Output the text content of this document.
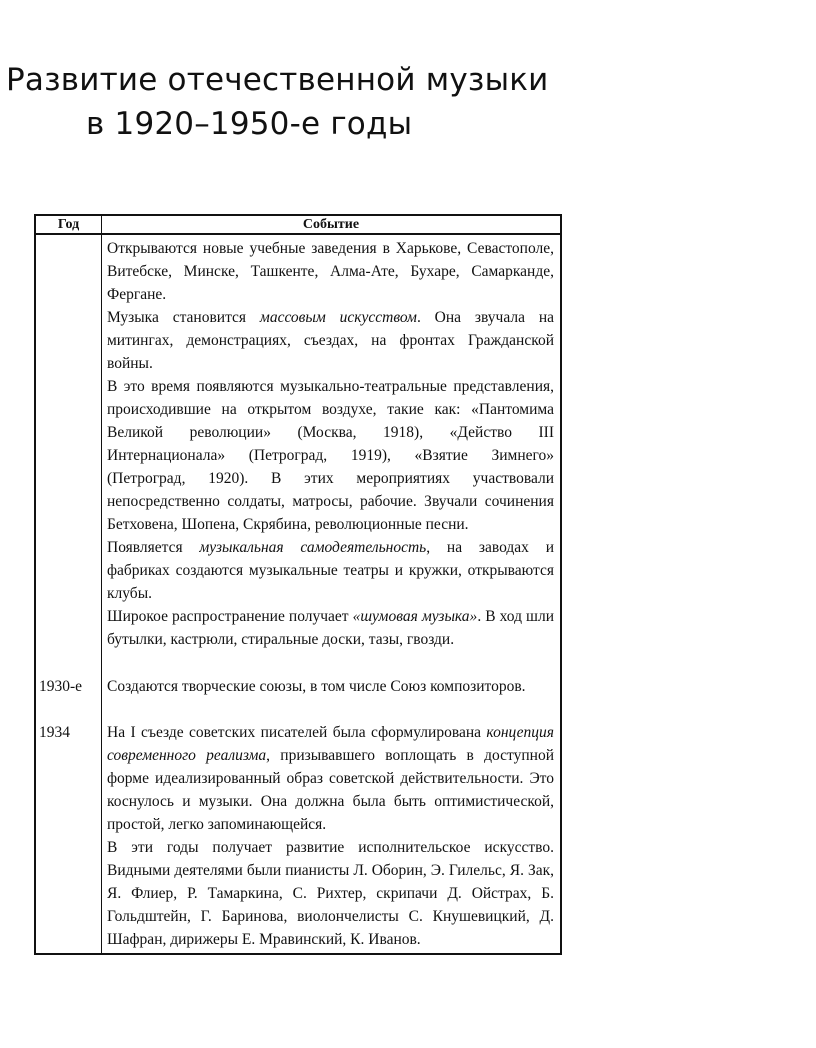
Развитие отечественной музыки
в 1920–1950-е годы
Год	Событие

	Открываются новые учебные заведения в Харькове, Севастополе, Витебске, Минске, Ташкенте, Алма-Ате, Бухаре, Самарканде, Фергане.

Музыка становится массовым искусством. Она звучала на митингах, демонстрациях, съездах, на фронтах Гражданской войны.

В это время появляются музыкально-театральные представления, происходившие на открытом воздухе, такие как: «Пантомима Великой революции» (Москва, 1918), «Действо III Интернационала» (Петроград, 1919), «Взятие Зимнего» (Петроград, 1920). В этих мероприятиях участвовали непосредственно солдаты, матросы, рабочие. Звучали сочинения Бетховена, Шопена, Скрябина, революционные песни.

Появляется музыкальная самодеятельность, на заводах и фабриках создаются музыкальные театры и кружки, открываются клубы.

Широкое распространение получает «шумовая музыка». В ход шли бутылки, кастрюли, стиральные доски, тазы, гвозди.

1930-е	Создаются творческие союзы, в том числе Союз композиторов.

1934	На I съезде советских писателей была сформулирована концепция современного реализма, призывавшего воплощать в доступной форме идеализированный образ советской действительности. Это коснулось и музыки. Она должна была быть оптимистической, простой, легко запоминающейся.

В эти годы получает развитие исполнительское искусство. Видными деятелями были пианисты Л. Оборин, Э. Гилельс, Я. Зак, Я. Флиер, Р. Тамаркина, С. Рихтер, скрипачи Д. Ойстрах, Б. Гольдштейн, Г. Баринова, виолончелисты С. Кнушевицкий, Д. Шафран, дирижеры Е. Мравинский, К. Иванов.
